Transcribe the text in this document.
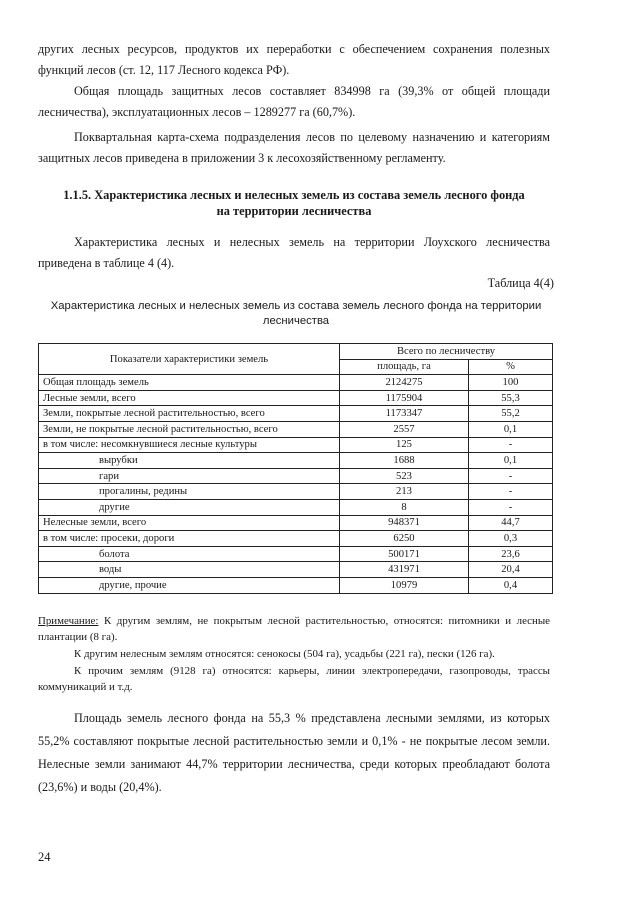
других лесных ресурсов, продуктов их переработки с обеспечением сохранения полезных функций лесов (ст. 12, 117 Лесного кодекса РФ).

Общая площадь защитных лесов составляет 834998 га (39,3% от общей площади лесничества), эксплуатационных лесов – 1289277 га (60,7%).

Поквартальная карта-схема подразделения лесов по целевому назначению и категориям защитных лесов приведена в приложении 3 к лесохозяйственному регламенту.

1.1.5. Характеристика лесных и нелесных земель из состава земель лесного фонда

на территории лесничества

Характеристика лесных и нелесных земель на территории Лоухского лесничества приведена в таблице 4 (4).

Таблица 4(4)

Характеристика лесных и нелесных земель из состава земель лесного фонда на территории лесничества

Показатели характеристики земель	Всего по лесничеству	
	площадь, га	%
Общая площадь земель	2124275	100
Лесные земли, всего	1175904	55,3
Земли, покрытые лесной растительностью, всего	1173347	55,2
Земли, не покрытые лесной растительностью, всего	2557	0,1
в том числе: несомкнувшиеся лесные культуры	125	-
вырубки	1688	0,1
гари	523	-
прогалины, редины	213	-
другие	8	-
Нелесные земли, всего	948371	44,7
в том числе: просеки, дороги	6250	0,3
болота	500171	23,6
воды	431971	20,4
другие, прочие	10979	0,4

Примечание: К другим землям, не покрытым лесной растительностью, относятся: питомники и лесные плантации (8 га).

К другим нелесным землям относятся: сенокосы (504 га), усадьбы (221 га), пески (126 га).

К прочим землям (9128 га) относятся: карьеры, линии электропередачи, газопроводы, трассы коммуникаций и т.д.

Площадь земель лесного фонда на 55,3 % представлена лесными землями, из которых 55,2% составляют покрытые лесной растительностью земли и 0,1% - не покрытые лесом земли. Нелесные земли занимают 44,7% территории лесничества, среди которых преобладают болота (23,6%) и воды (20,4%).

24
